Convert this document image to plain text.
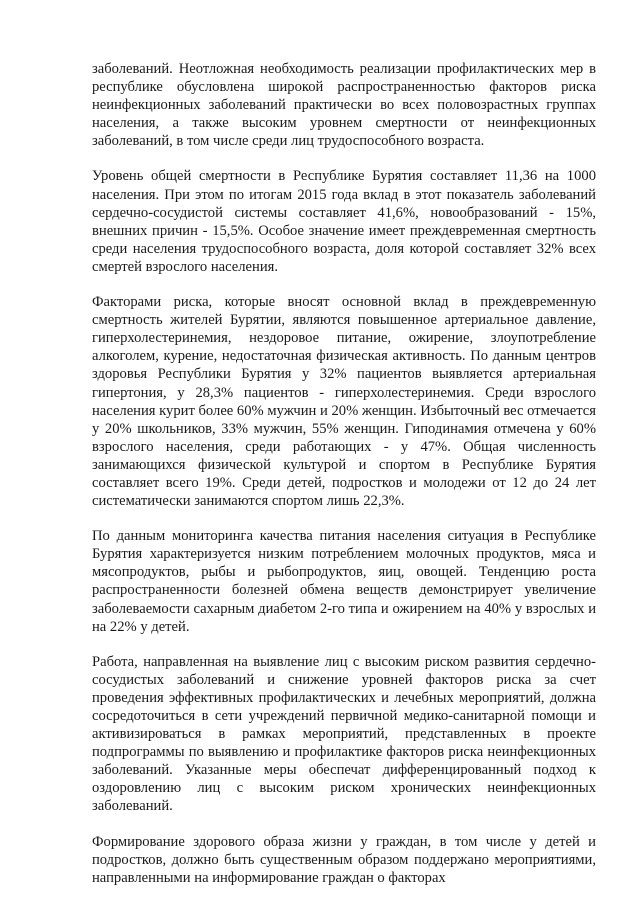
заболеваний. Неотложная необходимость реализации профилактических мер в республике обусловлена широкой распространенностью факторов риска неинфекционных заболеваний практически во всех половозрастных группах населения, а также высоким уровнем смертности от неинфекционных заболеваний, в том числе среди лиц трудоспособного возраста.

Уровень общей смертности в Республике Бурятия составляет 11,36 на 1000 населения. При этом по итогам 2015 года вклад в этот показатель заболеваний сердечно-сосудистой системы составляет 41,6%, новообразований - 15%, внешних причин - 15,5%. Особое значение имеет преждевременная смертность среди населения трудоспособного возраста, доля которой составляет 32% всех смертей взрослого населения.

Факторами риска, которые вносят основной вклад в преждевременную смертность жителей Бурятии, являются повышенное артериальное давление, гиперхолестеринемия, нездоровое питание, ожирение, злоупотребление алкоголем, курение, недостаточная физическая активность. По данным центров здоровья Республики Бурятия у 32% пациентов выявляется артериальная гипертония, у 28,3% пациентов - гиперхолестеринемия. Среди взрослого населения курит более 60% мужчин и 20% женщин. Избыточный вес отмечается у 20% школьников, 33% мужчин, 55% женщин. Гиподинамия отмечена у 60% взрослого населения, среди работающих - у 47%. Общая численность занимающихся физической культурой и спортом в Республике Бурятия составляет всего 19%. Среди детей, подростков и молодежи от 12 до 24 лет систематически занимаются спортом лишь 22,3%.

По данным мониторинга качества питания населения ситуация в Республике Бурятия характеризуется низким потреблением молочных продуктов, мяса и мясопродуктов, рыбы и рыбопродуктов, яиц, овощей. Тенденцию роста распространенности болезней обмена веществ демонстрирует увеличение заболеваемости сахарным диабетом 2-го типа и ожирением на 40% у взрослых и на 22% у детей.

Работа, направленная на выявление лиц с высоким риском развития сердечно-сосудистых заболеваний и снижение уровней факторов риска за счет проведения эффективных профилактических и лечебных мероприятий, должна сосредоточиться в сети учреждений первичной медико-санитарной помощи и активизироваться в рамках мероприятий, представленных в проекте подпрограммы по выявлению и профилактике факторов риска неинфекционных заболеваний. Указанные меры обеспечат дифференцированный подход к оздоровлению лиц с высоким риском хронических неинфекционных заболеваний.

Формирование здорового образа жизни у граждан, в том числе у детей и подростков, должно быть существенным образом поддержано мероприятиями, направленными на информирование граждан о факторах
